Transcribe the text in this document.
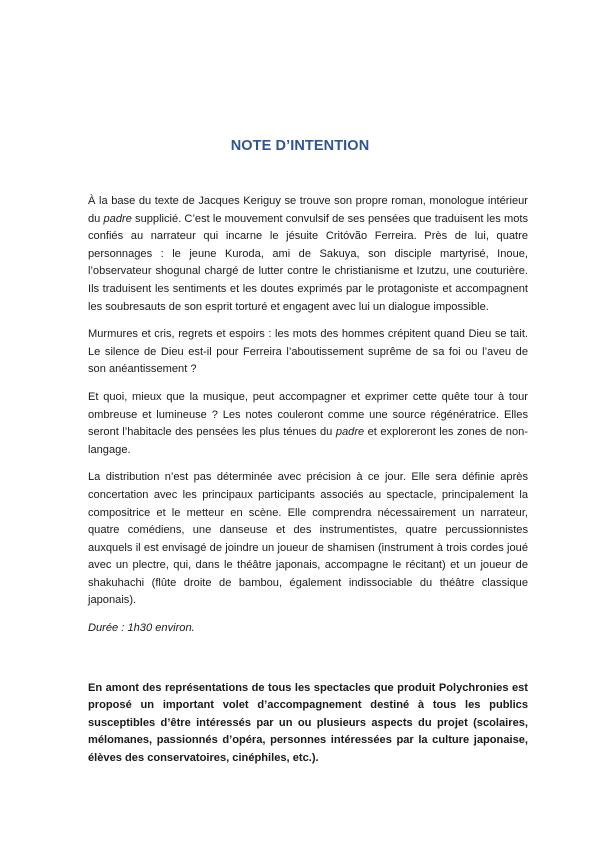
NOTE D’INTENTION

À la base du texte de Jacques Keriguy se trouve son propre roman, monologue intérieur du padre supplicié. C’est le mouvement convulsif de ses pensées que traduisent les mots confiés au narrateur qui incarne le jésuite Critóvão Ferreira. Près de lui, quatre personnages : le jeune Kuroda, ami de Sakuya, son disciple martyrisé, Inoue, l’observateur shogunal chargé de lutter contre le christianisme et Izutzu, une couturière. Ils traduisent les sentiments et les doutes exprimés par le protagoniste et accompagnent les soubresauts de son esprit torturé et engagent avec lui un dialogue impossible.

Murmures et cris, regrets et espoirs : les mots des hommes crépitent quand Dieu se tait. Le silence de Dieu est-il pour Ferreira l’aboutissement suprême de sa foi ou l’aveu de son anéantissement ?

Et quoi, mieux que la musique, peut accompagner et exprimer cette quête tour à tour ombreuse et lumineuse ? Les notes couleront comme une source régénératrice. Elles seront l’habitacle des pensées les plus ténues du padre et exploreront les zones de non-langage.

La distribution n’est pas déterminée avec précision à ce jour. Elle sera définie après concertation avec les principaux participants associés au spectacle, principalement la compositrice et le metteur en scène. Elle comprendra nécessairement un narrateur, quatre comédiens, une danseuse et des instrumentistes, quatre percussionnistes auxquels il est envisagé de joindre un joueur de shamisen (instrument à trois cordes joué avec un plectre, qui, dans le théâtre japonais, accompagne le récitant) et un joueur de shakuhachi (flûte droite de bambou, également indissociable du théâtre classique japonais).

Durée : 1h30 environ.

En amont des représentations de tous les spectacles que produit Polychronies est proposé un important volet d’accompagnement destiné à tous les publics susceptibles d’être intéressés par un ou plusieurs aspects du projet (scolaires, mélomanes, passionnés d’opéra, personnes intéressées par la culture japonaise, élèves des conservatoires, cinéphiles, etc.).
